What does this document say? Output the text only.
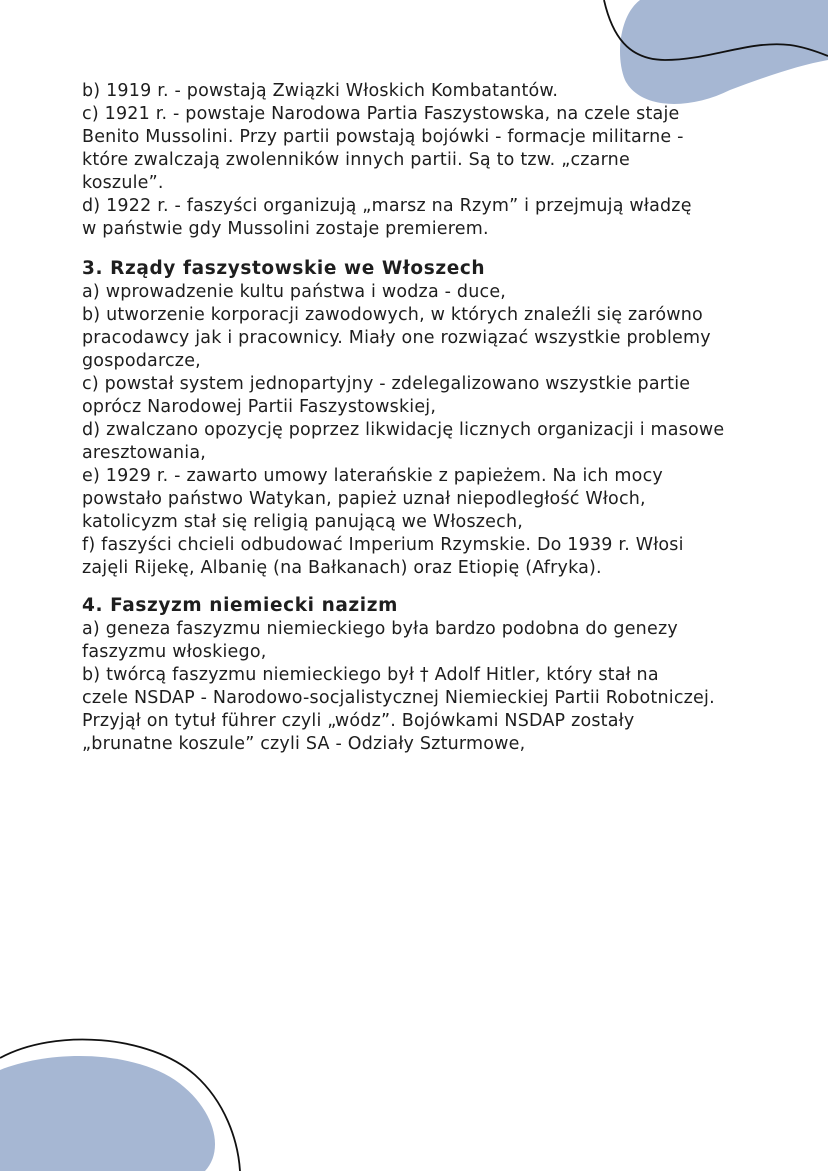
b) 1919 r. - powstają Związki Włoskich Kombatantów.
c) 1921 r. - powstaje Narodowa Partia Faszystowska, na czele staje
Benito Mussolini. Przy partii powstają bojówki - formacje militarne -
które zwalczają zwolenników innych partii. Są to tzw. „czarne
koszule”.
d) 1922 r. - faszyści organizują „marsz na Rzym” i przejmują władzę
w państwie gdy Mussolini zostaje premierem.
3. Rządy faszystowskie we Włoszech
a) wprowadzenie kultu państwa i wodza - duce,
b) utworzenie korporacji zawodowych, w których znaleźli się zarówno
pracodawcy jak i pracownicy. Miały one rozwiązać wszystkie problemy
gospodarcze,
c) powstał system jednopartyjny - zdelegalizowano wszystkie partie
oprócz Narodowej Partii Faszystowskiej,
d) zwalczano opozycję poprzez likwidację licznych organizacji i masowe
aresztowania,
e) 1929 r. - zawarto umowy laterańskie z papieżem. Na ich mocy
powstało państwo Watykan, papież uznał niepodległość Włoch,
katolicyzm stał się religią panującą we Włoszech,
f) faszyści chcieli odbudować Imperium Rzymskie. Do 1939 r. Włosi
zajęli Rijekę, Albanię (na Bałkanach) oraz Etiopię (Afryka).
4. Faszyzm niemiecki nazizm
a) geneza faszyzmu niemieckiego była bardzo podobna do genezy
faszyzmu włoskiego,
b) twórcą faszyzmu niemieckiego był † Adolf Hitler, który stał na
czele NSDAP - Narodowo-socjalistycznej Niemieckiej Partii Robotniczej.
Przyjął on tytuł führer czyli „wódz”. Bojówkami NSDAP zostały
„brunatne koszule” czyli SA - Odziały Szturmowe,
